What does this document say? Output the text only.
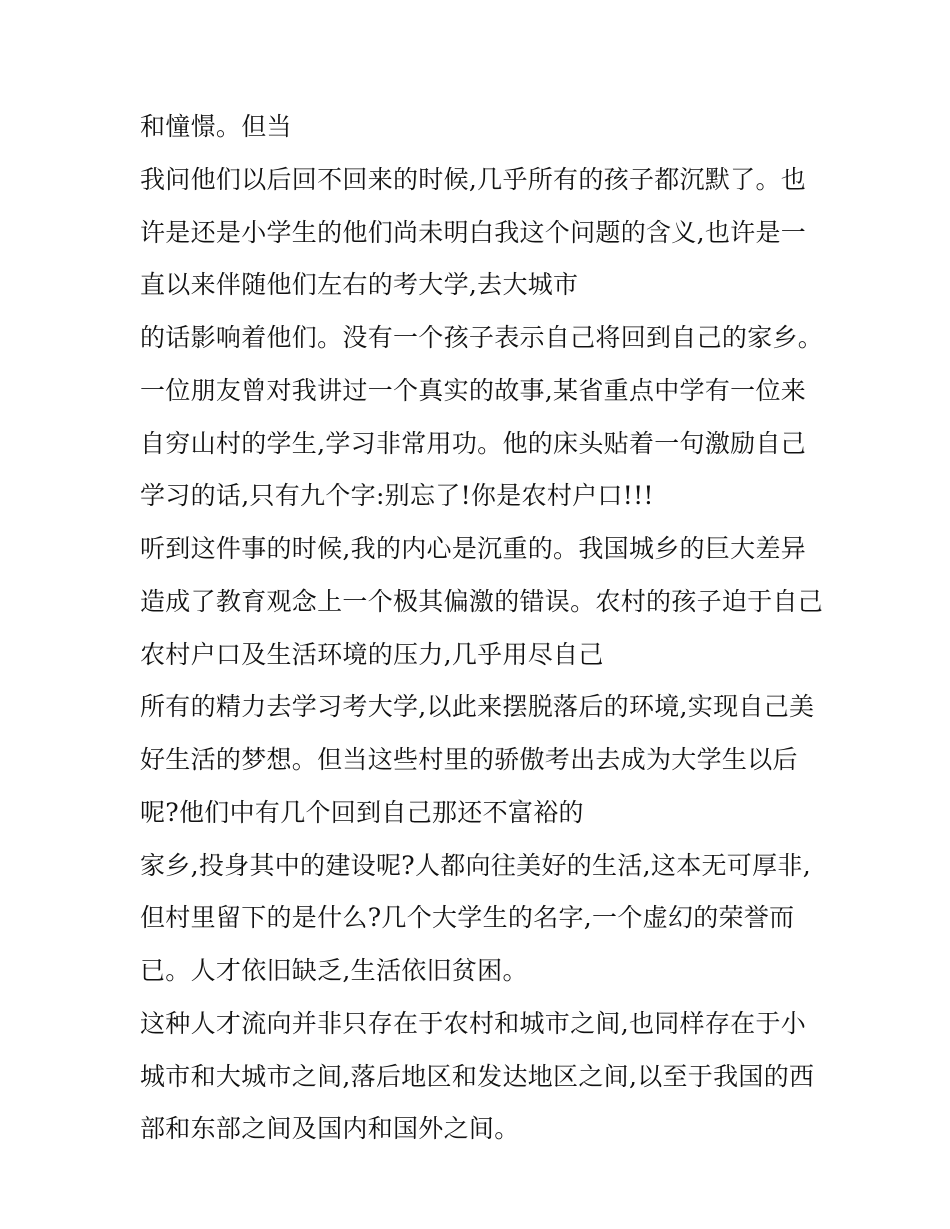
和憧憬。但当
我问他们以后回不回来的时候,几乎所有的孩子都沉默了。也
许是还是小学生的他们尚未明白我这个问题的含义,也许是一
直以来伴随他们左右的考大学,去大城市
的话影响着他们。没有一个孩子表示自己将回到自己的家乡。
一位朋友曾对我讲过一个真实的故事,某省重点中学有一位来
自穷山村的学生,学习非常用功。他的床头贴着一句激励自己
学习的话,只有九个字:别忘了!你是农村户口!!!
听到这件事的时候,我的内心是沉重的。我国城乡的巨大差异
造成了教育观念上一个极其偏激的错误。农村的孩子迫于自己
农村户口及生活环境的压力,几乎用尽自己
所有的精力去学习考大学,以此来摆脱落后的环境,实现自己美
好生活的梦想。但当这些村里的骄傲考出去成为大学生以后
呢?他们中有几个回到自己那还不富裕的
家乡,投身其中的建设呢?人都向往美好的生活,这本无可厚非,
但村里留下的是什么?几个大学生的名字,一个虚幻的荣誉而
已。人才依旧缺乏,生活依旧贫困。
这种人才流向并非只存在于农村和城市之间,也同样存在于小
城市和大城市之间,落后地区和发达地区之间,以至于我国的西
部和东部之间及国内和国外之间。
